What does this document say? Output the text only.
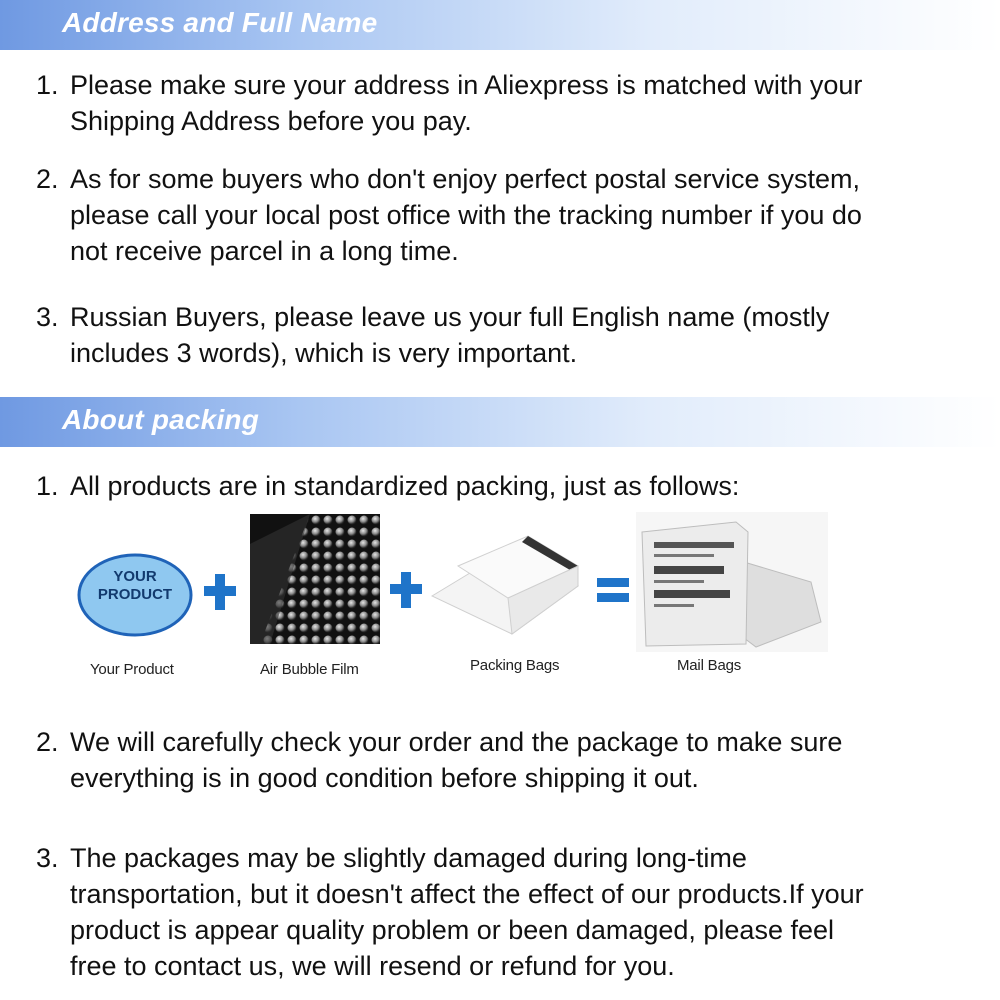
Address and Full Name
1. Please make sure your address in Aliexpress is matched with your
Shipping Address before you pay.
2. As for some buyers who don't enjoy perfect postal service system,
please call your local post office with the tracking number if you do
not receive parcel in a long time.
3. Russian Buyers, please leave us your full English name (mostly
includes 3 words), which is very important.
About packing
1. All products are in standardized packing, just as follows:
YOUR
PRODUCT
Your Product	Air Bubble Film	Packing Bags	Mail Bags
2. We will carefully check your order and the package to make sure
everything is in good condition before shipping it out.
3. The packages may be slightly damaged during long-time
transportation, but it doesn't affect the effect of our products.If your
product is appear quality problem or been damaged, please feel
free to contact us, we will resend or refund for you.
